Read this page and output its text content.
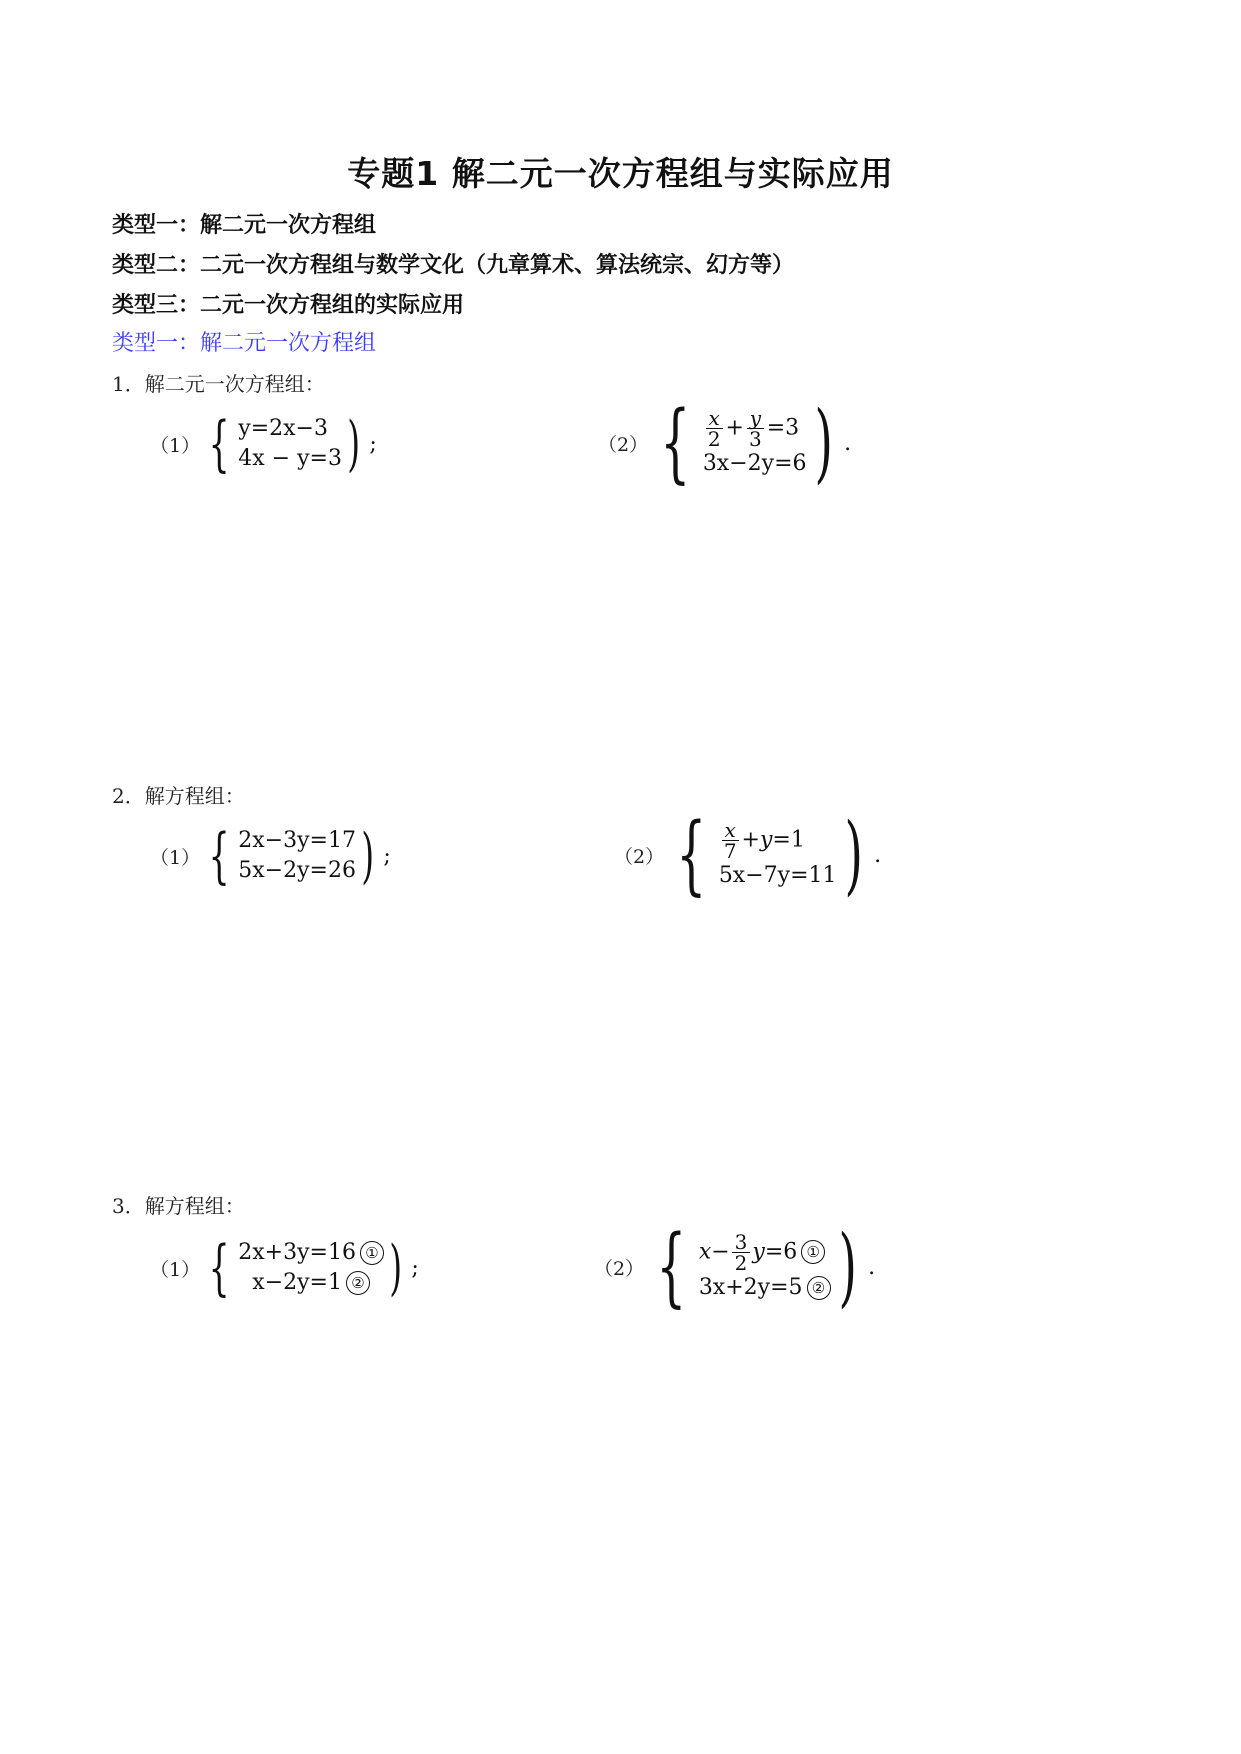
专题1 解二元一次方程组与实际应用
类型一：解二元一次方程组
类型二：二元一次方程组与数学文化（九章算术、算法统宗、幻方等）
类型三：二元一次方程组的实际应用
类型一：解二元一次方程组
1．解二元一次方程组：
（1） { y=2x−3
4x − y=3 ) ;	（2） { $\frac{x}{2} + \frac{y}{3} =3$
3x−2y=6 ) .
2．解方程组：
（1） { 2x−3y=17
5x−2y=26 ) ;	（2） { $\frac{x}{7} +y=1$
5x−7y=11 ) .
3．解方程组：
（1） { 2x+3y=16 ①
x−2y=1 ② ) ;	（2） { $x- \frac{3}{2} y=6$ ①
3x+2y=5 ② ) .
